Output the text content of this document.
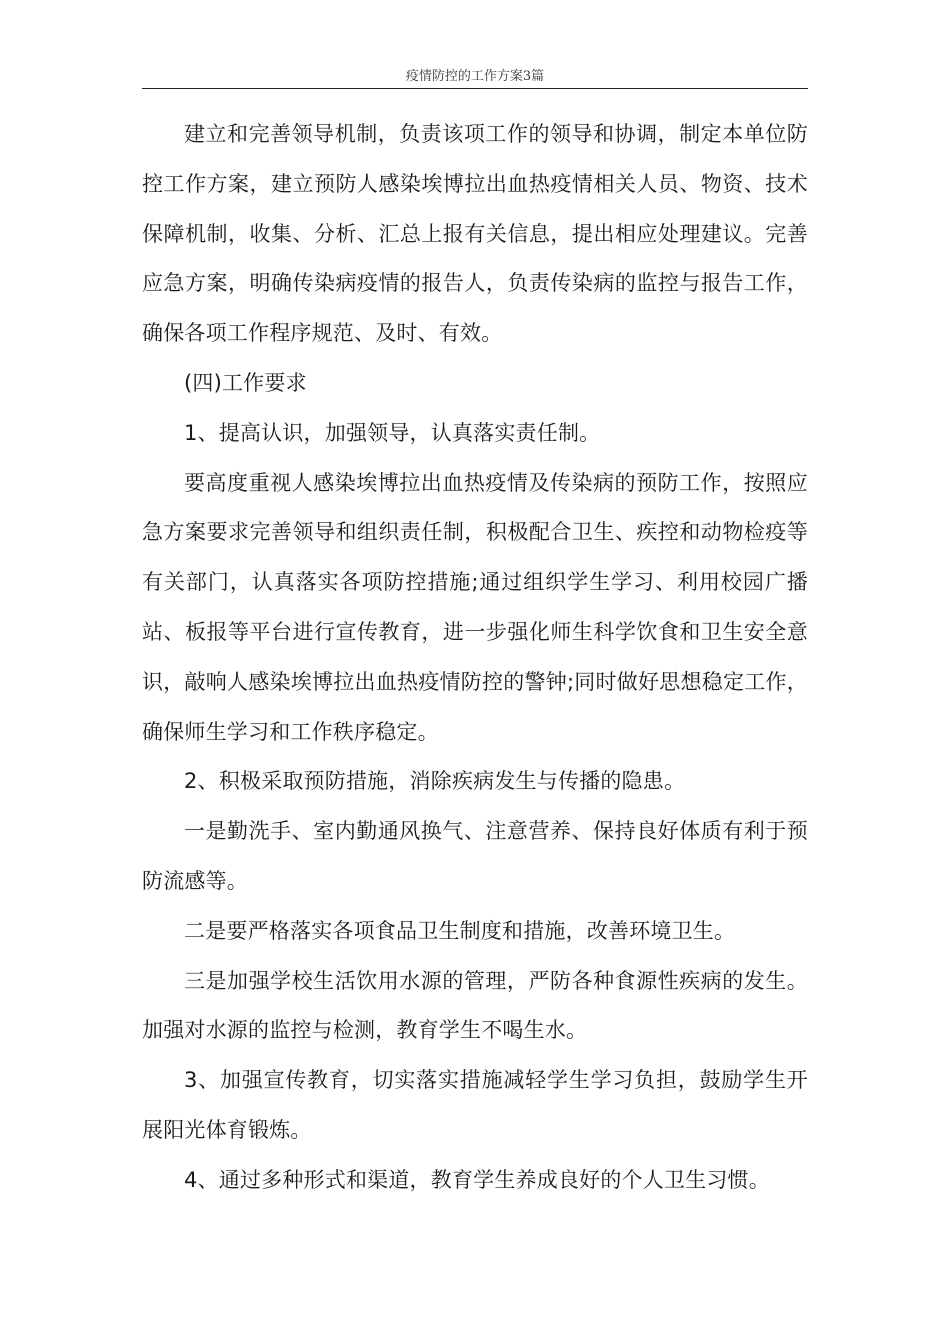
疫情防控的工作方案3篇

建立和完善领导机制，负责该项工作的领导和协调，制定本单位防控工作方案，建立预防人感染埃博拉出血热疫情相关人员、物资、技术保障机制，收集、分析、汇总上报有关信息，提出相应处理建议。完善应急方案，明确传染病疫情的报告人，负责传染病的监控与报告工作，确保各项工作程序规范、及时、有效。

(四)工作要求

1、提高认识，加强领导，认真落实责任制。

要高度重视人感染埃博拉出血热疫情及传染病的预防工作，按照应急方案要求完善领导和组织责任制，积极配合卫生、疾控和动物检疫等有关部门，认真落实各项防控措施;通过组织学生学习、利用校园广播站、板报等平台进行宣传教育，进一步强化师生科学饮食和卫生安全意识，敲响人感染埃博拉出血热疫情防控的警钟;同时做好思想稳定工作，确保师生学习和工作秩序稳定。

2、积极采取预防措施，消除疾病发生与传播的隐患。

一是勤洗手、室内勤通风换气、注意营养、保持良好体质有利于预防流感等。

二是要严格落实各项食品卫生制度和措施，改善环境卫生。

三是加强学校生活饮用水源的管理，严防各种食源性疾病的发生。加强对水源的监控与检测，教育学生不喝生水。

3、加强宣传教育，切实落实措施减轻学生学习负担，鼓励学生开展阳光体育锻炼。

4、通过多种形式和渠道，教育学生养成良好的个人卫生习惯。
